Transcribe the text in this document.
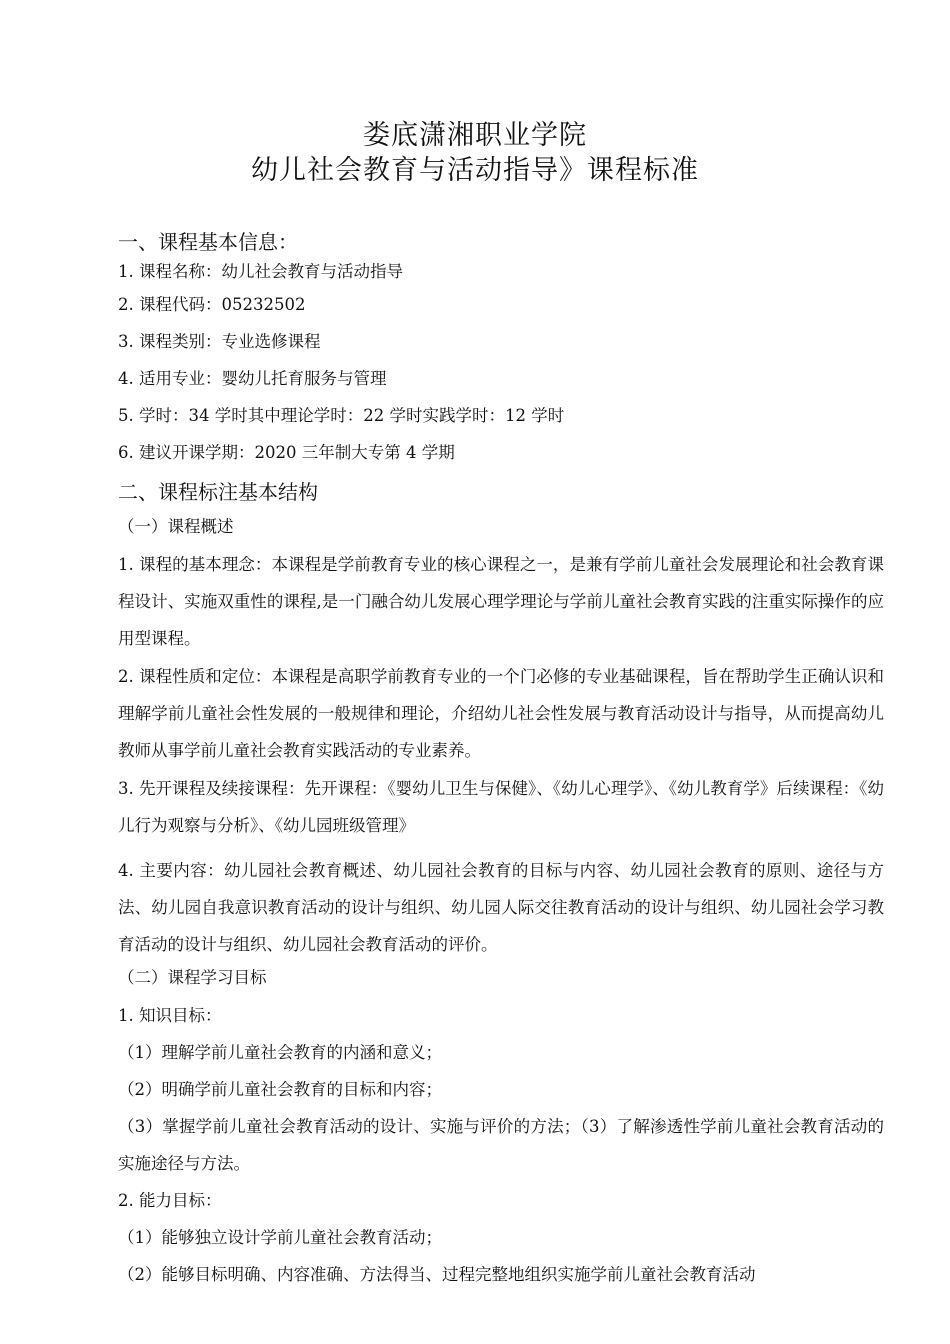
娄底潇湘职业学院
幼儿社会教育与活动指导》课程标准
一、课程基本信息：
1. 课程名称：幼儿社会教育与活动指导
2. 课程代码：05232502
3. 课程类别：专业选修课程
4. 适用专业：婴幼儿托育服务与管理
5. 学时：34 学时其中理论学时：22 学时实践学时：12 学时
6. 建议开课学期：2020 三年制大专第 4 学期
二、课程标注基本结构
（一）课程概述
1. 课程的基本理念：本课程是学前教育专业的核心课程之一，是兼有学前儿童社会发展理论和社会教育课程设计、实施双重性的课程,是一门融合幼儿发展心理学理论与学前儿童社会教育实践的注重实际操作的应用型课程。
2. 课程性质和定位：本课程是高职学前教育专业的一个门必修的专业基础课程，旨在帮助学生正确认识和理解学前儿童社会性发展的一般规律和理论，介绍幼儿社会性发展与教育活动设计与指导，从而提高幼儿教师从事学前儿童社会教育实践活动的专业素养。
3. 先开课程及续接课程：先开课程：《婴幼儿卫生与保健》、《幼儿心理学》、《幼儿教育学》后续课程：《幼儿行为观察与分析》、《幼儿园班级管理》
4. 主要内容：幼儿园社会教育概述、幼儿园社会教育的目标与内容、幼儿园社会教育的原则、途径与方法、幼儿园自我意识教育活动的设计与组织、幼儿园人际交往教育活动的设计与组织、幼儿园社会学习教育活动的设计与组织、幼儿园社会教育活动的评价。
（二）课程学习目标
1. 知识目标：
（1）理解学前儿童社会教育的内涵和意义；
（2）明确学前儿童社会教育的目标和内容；
（3）掌握学前儿童社会教育活动的设计、实施与评价的方法；（3）了解渗透性学前儿童社会教育活动的实施途径与方法。
2. 能力目标：
（1）能够独立设计学前儿童社会教育活动；
（2）能够目标明确、内容准确、方法得当、过程完整地组织实施学前儿童社会教育活动
